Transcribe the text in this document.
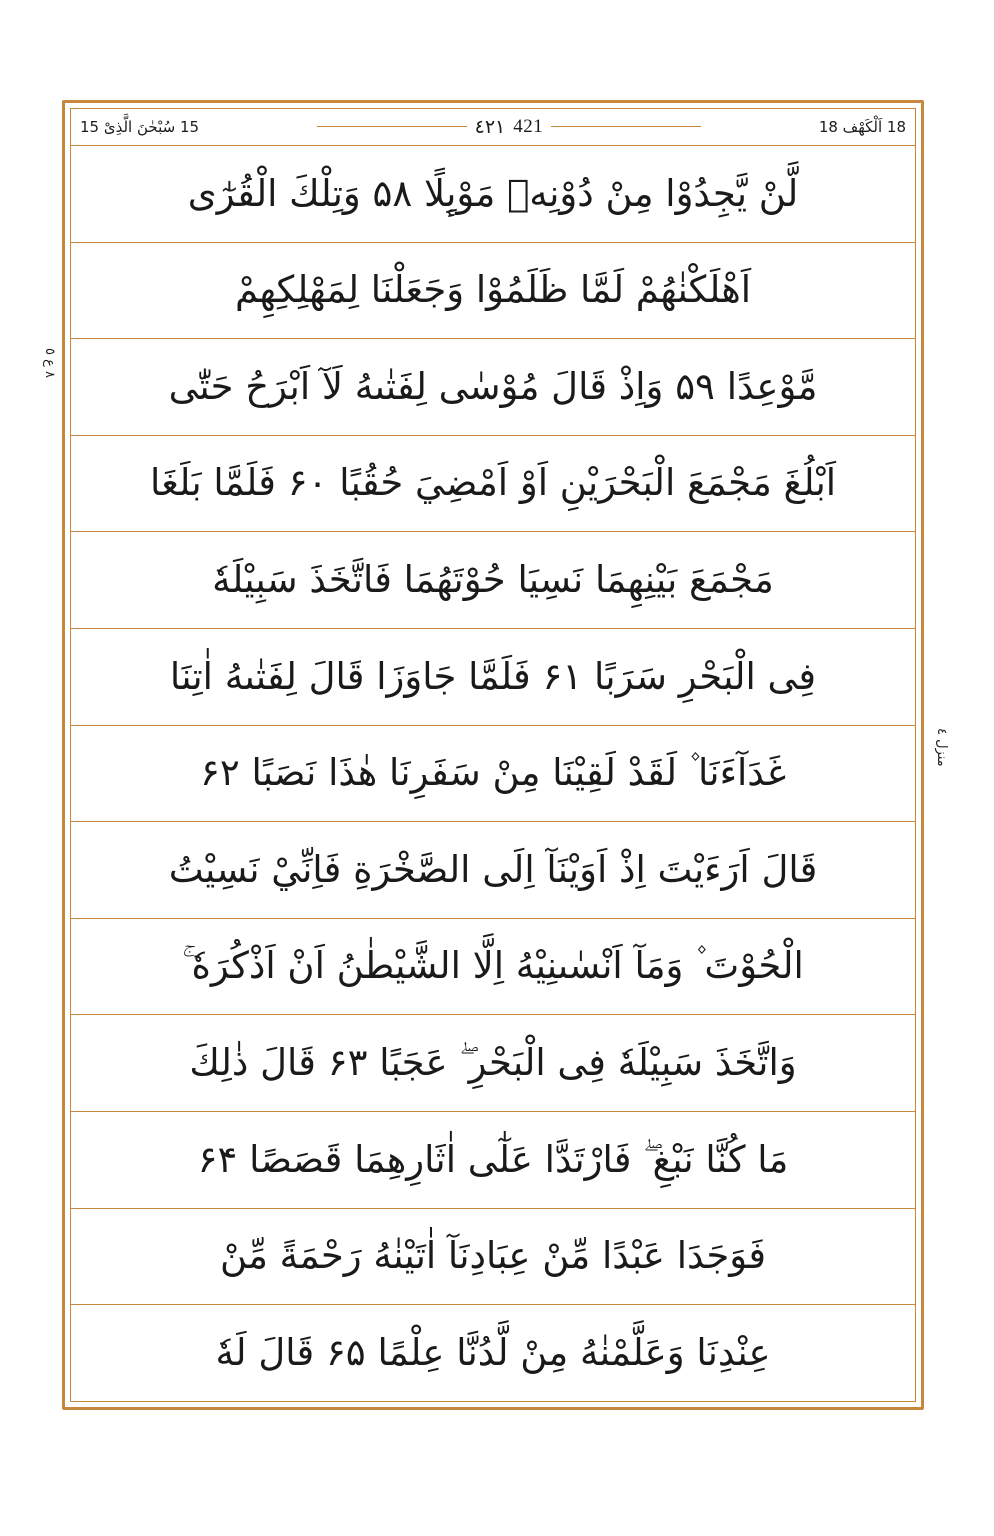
15 سُبْحٰنَ الَّذِىْ 15	٤٢١ 421	18 اَلْكَهْف 18
٨ ع ٥
منزل ٤
لَّنْ يَّجِدُوْا مِنْ دُوْنِهٖ مَوْىِٕلًا ۵۸ وَتِلْكَ الْقُرٰٓى
اَهْلَكْنٰهُمْ لَمَّا ظَلَمُوْا وَجَعَلْنَا لِمَهْلِكِهِمْ
مَّوْعِدًا ۵۹ وَاِذْ قَالَ مُوْسٰى لِفَتٰىهُ لَآ اَبْرَحُ حَتّٰى
اَبْلُغَ مَجْمَعَ الْبَحْرَيْنِ اَوْ اَمْضِيَ حُقُبًا ۶۰ فَلَمَّا بَلَغَا
مَجْمَعَ بَيْنِهِمَا نَسِيَا حُوْتَهُمَا فَاتَّخَذَ سَبِيْلَهٗ
فِى الْبَحْرِ سَرَبًا ۶۱ فَلَمَّا جَاوَزَا قَالَ لِفَتٰىهُ اٰتِنَا
غَدَآءَنَا ۫ لَقَدْ لَقِيْنَا مِنْ سَفَرِنَا هٰذَا نَصَبًا ۶۲
قَالَ اَرَءَيْتَ اِذْ اَوَيْنَآ اِلَى الصَّخْرَةِ فَاِنِّيْ نَسِيْتُ
الْحُوْتَ ۫ وَمَآ اَنْسٰىنِيْهُ اِلَّا الشَّيْطٰنُ اَنْ اَذْكُرَهٗ ۚ
وَاتَّخَذَ سَبِيْلَهٗ فِى الْبَحْرِ ۖ عَجَبًا ۶۳ قَالَ ذٰلِكَ
مَا كُنَّا نَبْغِ ۖ فَارْتَدَّا عَلٰٓى اٰثَارِهِمَا قَصَصًا ۶۴
فَوَجَدَا عَبْدًا مِّنْ عِبَادِنَآ اٰتَيْنٰهُ رَحْمَةً مِّنْ
عِنْدِنَا وَعَلَّمْنٰهُ مِنْ لَّدُنَّا عِلْمًا ۶۵ قَالَ لَهٗ
